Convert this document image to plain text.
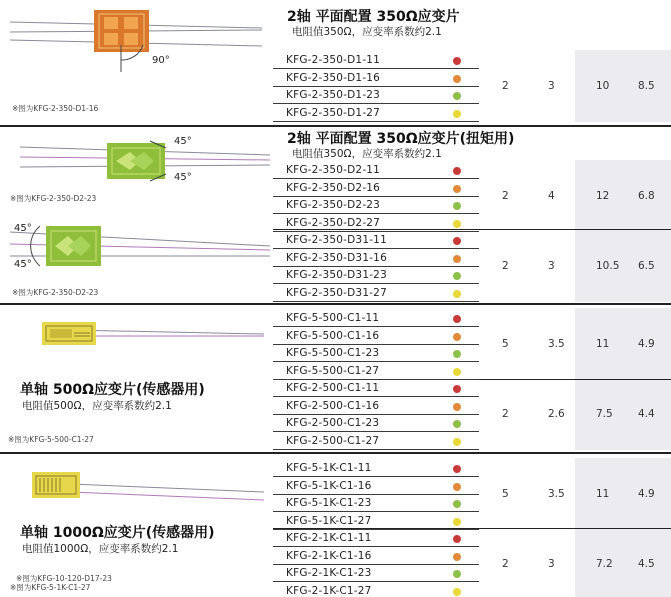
90°
45°
45°
45°
45°
※图为KFG-2-350-D1-16
※图为KFG-2-350-D2-23
※图为KFG-2-350-D2-23
※图为KFG-5-500-C1-27
※图为KFG-10-120-D17-23
※图为KFG-5-1K-C1-27
2轴 平面配置 350Ω应变片
电阻值350Ω，应变率系数约2.1
2轴 平面配置 350Ω应变片(扭矩用)
电阻值350Ω，应变率系数约2.1
单轴 500Ω应变片(传感器用)
电阻值500Ω，应变率系数约2.1
单轴 1000Ω应变片(传感器用)
电阻值1000Ω，应变率系数约2.1
KFG-2-350-D1-11
KFG-2-350-D1-16
KFG-2-350-D1-23
KFG-2-350-D1-27
2	3	10	8.5
KFG-2-350-D2-11
KFG-2-350-D2-16
KFG-2-350-D2-23
KFG-2-350-D2-27
2	4	12	6.8
KFG-2-350-D31-11
KFG-2-350-D31-16
KFG-2-350-D31-23
KFG-2-350-D31-27
2	3	10.5 6.5
KFG-5-500-C1-11
KFG-5-500-C1-16
KFG-5-500-C1-23
KFG-5-500-C1-27
5	3.5	11	4.9
KFG-2-500-C1-11
KFG-2-500-C1-16
KFG-2-500-C1-23
KFG-2-500-C1-27
2	2.6	7.5 4.4
KFG-5-1K-C1-11
KFG-5-1K-C1-16
KFG-5-1K-C1-23
KFG-5-1K-C1-27
5	3.5	11	4.9
KFG-2-1K-C1-11
KFG-2-1K-C1-16
KFG-2-1K-C1-23
KFG-2-1K-C1-27
2	3	7.2 4.5
